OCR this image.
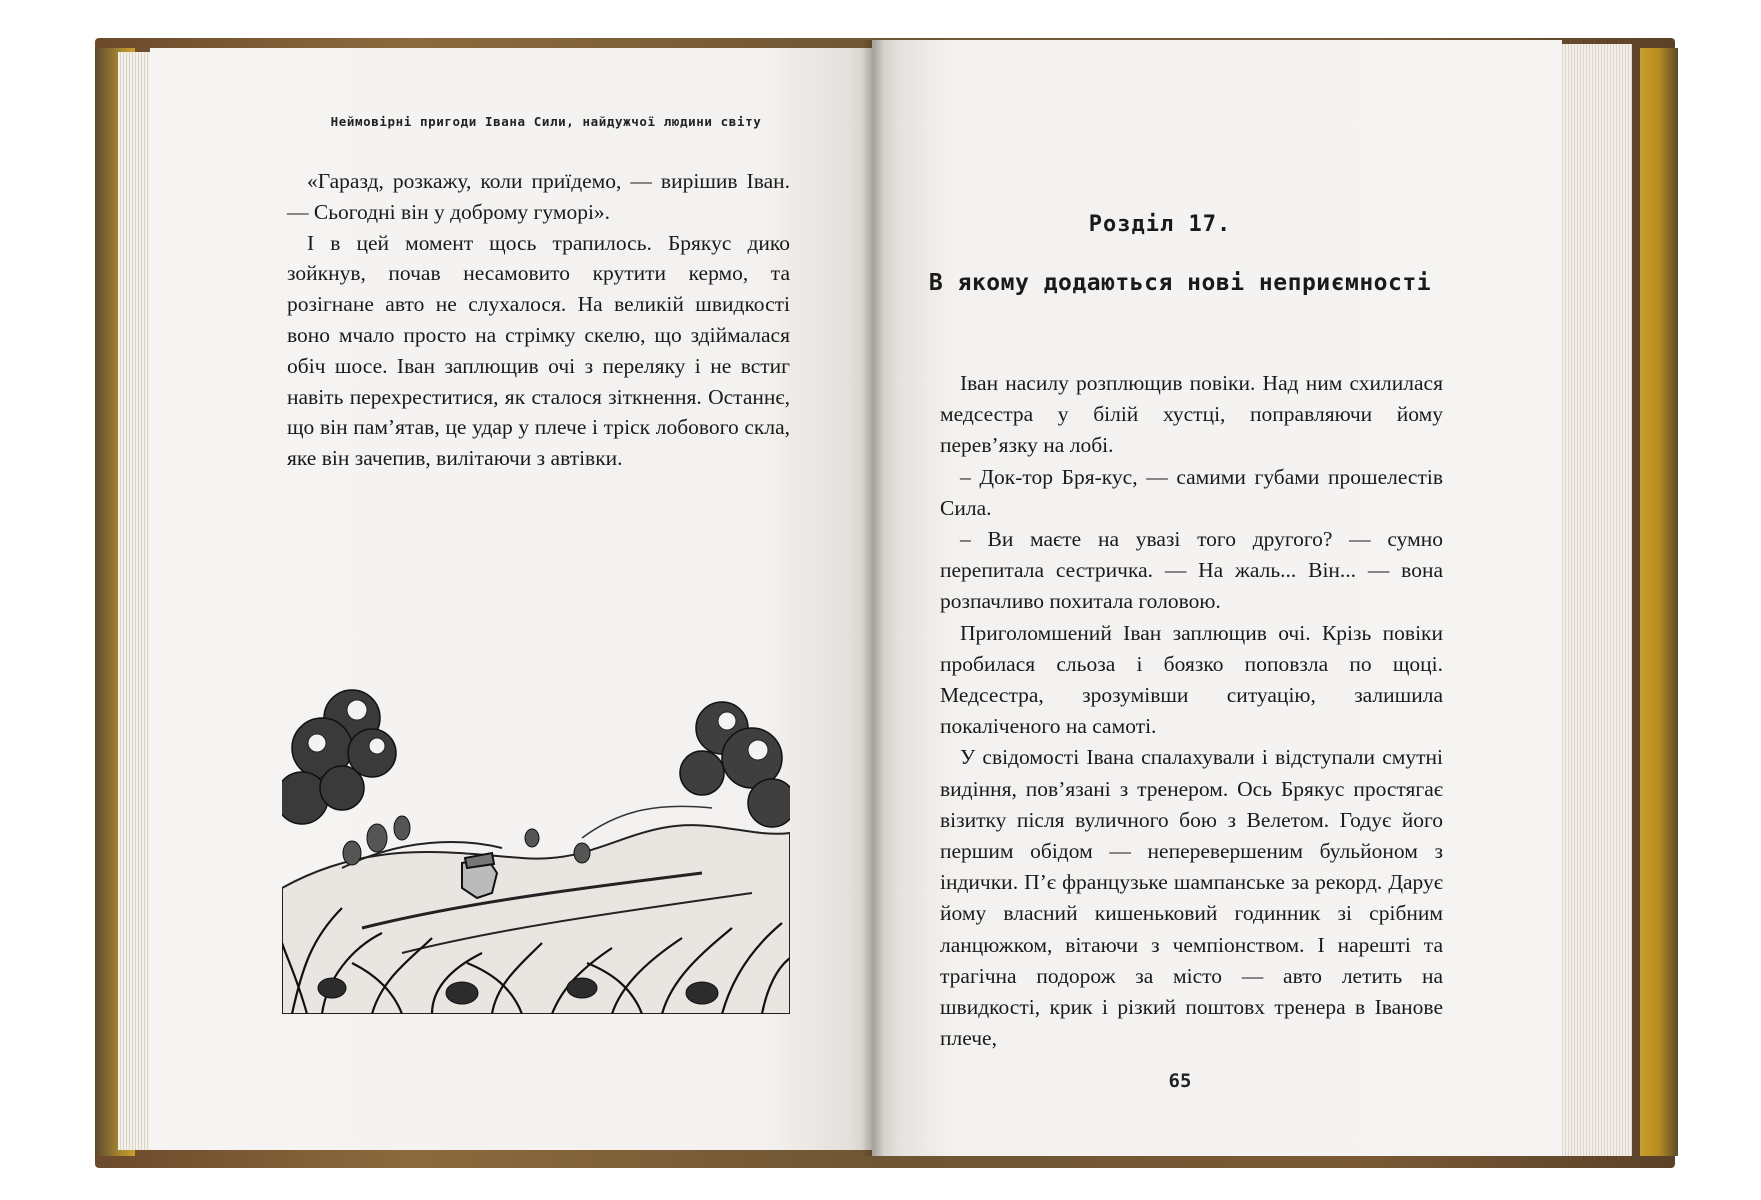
Неймовірні пригоди Івана Сили, найдужчої людини світу

«Гаразд, розкажу, коли приїдемо, — вирішив Іван. — Сьогодні він у доброму гуморі».

І в цей момент щось трапилось. Брякус дико зойкнув, почав несамовито крутити кермо, та розігнане авто не слухалося. На великій швидкості воно мчало просто на стрімку скелю, що здіймалася обіч шосе. Іван заплющив очі з переляку і не встиг навіть перехреститися, як сталося зіткнення. Останнє, що він пам’ятав, це удар у плече і тріск лобового скла, яке він зачепив, вилітаючи з автівки.

Розділ 17.
В якому додаються нові неприємності

Іван насилу розплющив повіки. Над ним схилилася медсестра у білій хустці, поправляючи йому перев’язку на лобі.

– Док-тор Бря-кус, — самими губами прошелестів Сила.

– Ви маєте на увазі того другого? — сумно перепитала сестричка. — На жаль... Він... — вона розпачливо похитала головою.

Приголомшений Іван заплющив очі. Крізь повіки пробилася сльоза і боязко поповзла по щоці. Медсестра, зрозумівши ситуацію, залишила покаліченого на самоті.

У свідомості Івана спалахували і відступали смутні видіння, пов’язані з тренером. Ось Брякус простягає візитку після вуличного бою з Велетом. Годує його першим обідом — неперевершеним бульйоном з індички. П’є французьке шампанське за рекорд. Дарує йому власний кишеньковий годинник зі срібним ланцюжком, вітаючи з чемпіонством. І нарешті та трагічна подорож за місто — авто летить на швидкості, крик і різкий поштовх тренера в Іванове плече,

65
